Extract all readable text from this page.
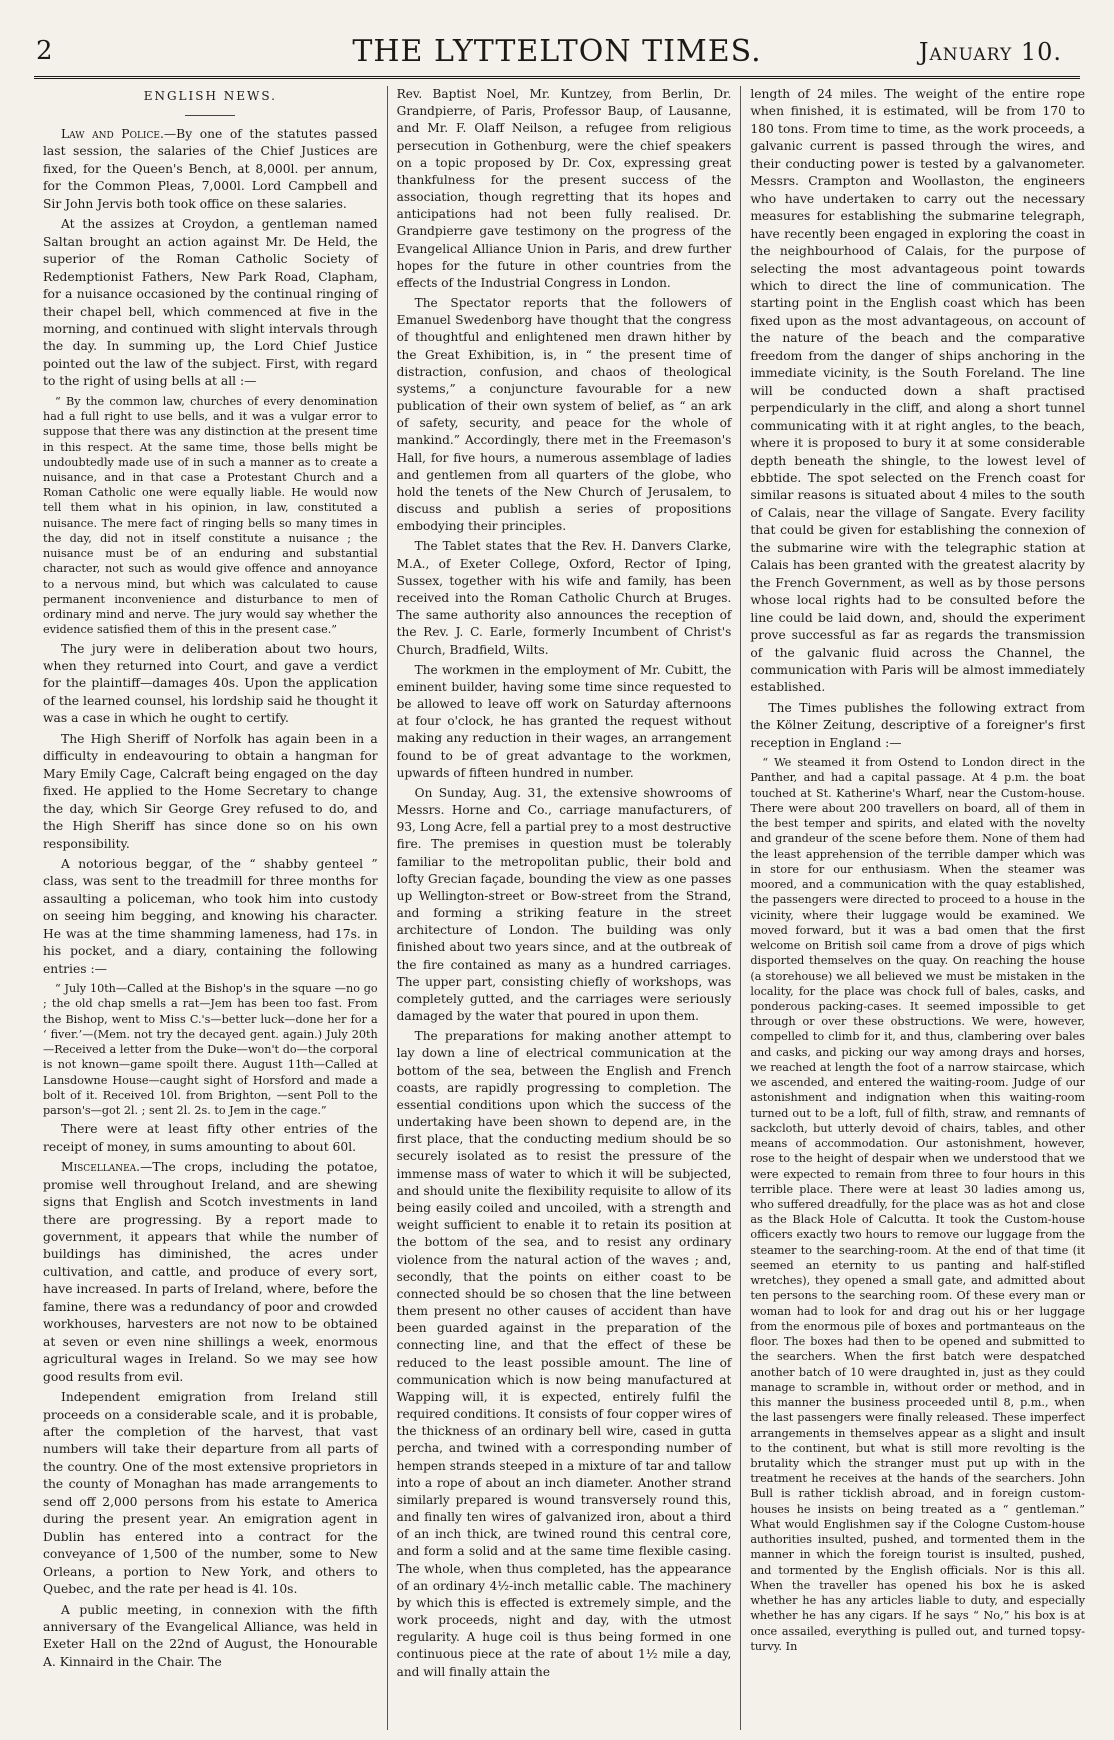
2	THE LYTTELTON TIMES.	January 10.
ENGLISH NEWS.

Law and Police.—By one of the statutes passed last session, the salaries of the Chief Justices are fixed, for the Queen's Bench, at 8,000l. per annum, for the Common Pleas, 7,000l. Lord Campbell and Sir John Jervis both took office on these salaries.

At the assizes at Croydon, a gentleman named Saltan brought an action against Mr. De Held, the superior of the Roman Catholic Society of Redemptionist Fathers, New Park Road, Clapham, for a nuisance occasioned by the continual ringing of their chapel bell, which commenced at five in the morning, and continued with slight intervals through the day. In summing up, the Lord Chief Justice pointed out the law of the subject. First, with regard to the right of using bells at all :—

“ By the common law, churches of every denomination had a full right to use bells, and it was a vulgar error to suppose that there was any distinction at the present time in this respect. At the same time, those bells might be undoubtedly made use of in such a manner as to create a nuisance, and in that case a Protestant Church and a Roman Catholic one were equally liable. He would now tell them what in his opinion, in law, constituted a nuisance. The mere fact of ringing bells so many times in the day, did not in itself constitute a nuisance ; the nuisance must be of an enduring and substantial character, not such as would give offence and annoyance to a nervous mind, but which was calculated to cause permanent inconvenience and disturbance to men of ordinary mind and nerve. The jury would say whether the evidence satisfied them of this in the present case.”

The jury were in deliberation about two hours, when they returned into Court, and gave a verdict for the plaintiff—damages 40s. Upon the application of the learned counsel, his lordship said he thought it was a case in which he ought to certify.

The High Sheriff of Norfolk has again been in a difficulty in endeavouring to obtain a hangman for Mary Emily Cage, Calcraft being engaged on the day fixed. He applied to the Home Secretary to change the day, which Sir George Grey refused to do, and the High Sheriff has since done so on his own responsibility.

A notorious beggar, of the “ shabby genteel ” class, was sent to the treadmill for three months for assaulting a policeman, who took him into custody on seeing him begging, and knowing his character. He was at the time shamming lameness, had 17s. in his pocket, and a diary, containing the following entries :—

“ July 10th—Called at the Bishop's in the square —no go ; the old chap smells a rat—Jem has been too fast. From the Bishop, went to Miss C.'s—better luck—done her for a ‘ fiver.’—(Mem. not try the decayed gent. again.) July 20th—Received a letter from the Duke—won't do—the corporal is not known—game spoilt there. August 11th—Called at Lansdowne House—caught sight of Horsford and made a bolt of it. Received 10l. from Brighton, —sent Poll to the parson's—got 2l. ; sent 2l. 2s. to Jem in the cage.”

There were at least fifty other entries of the receipt of money, in sums amounting to about 60l.

Miscellanea.—The crops, including the potatoe, promise well throughout Ireland, and are shewing signs that English and Scotch investments in land there are progressing. By a report made to government, it appears that while the number of buildings has diminished, the acres under cultivation, and cattle, and produce of every sort, have increased. In parts of Ireland, where, before the famine, there was a redundancy of poor and crowded workhouses, harvesters are not now to be obtained at seven or even nine shillings a week, enormous agricultural wages in Ireland. So we may see how good results from evil.

Independent emigration from Ireland still proceeds on a considerable scale, and it is probable, after the completion of the harvest, that vast numbers will take their departure from all parts of the country. One of the most extensive proprietors in the county of Monaghan has made arrangements to send off 2,000 persons from his estate to America during the present year. An emigration agent in Dublin has entered into a contract for the conveyance of 1,500 of the number, some to New Orleans, a portion to New York, and others to Quebec, and the rate per head is 4l. 10s.

A public meeting, in connexion with the fifth anniversary of the Evangelical Alliance, was held in Exeter Hall on the 22nd of August, the Honourable A. Kinnaird in the Chair. The

Rev. Baptist Noel, Mr. Kuntzey, from Berlin, Dr. Grandpierre, of Paris, Professor Baup, of Lausanne, and Mr. F. Olaff Neilson, a refugee from religious persecution in Gothenburg, were the chief speakers on a topic proposed by Dr. Cox, expressing great thankfulness for the present success of the association, though regretting that its hopes and anticipations had not been fully realised. Dr. Grandpierre gave testimony on the progress of the Evangelical Alliance Union in Paris, and drew further hopes for the future in other countries from the effects of the Industrial Congress in London.

The Spectator reports that the followers of Emanuel Swedenborg have thought that the congress of thoughtful and enlightened men drawn hither by the Great Exhibition, is, in “ the present time of distraction, confusion, and chaos of theological systems,” a conjuncture favourable for a new publication of their own system of belief, as “ an ark of safety, security, and peace for the whole of mankind.” Accordingly, there met in the Freemason's Hall, for five hours, a numerous assemblage of ladies and gentlemen from all quarters of the globe, who hold the tenets of the New Church of Jerusalem, to discuss and publish a series of propositions embodying their principles.

The Tablet states that the Rev. H. Danvers Clarke, M.A., of Exeter College, Oxford, Rector of Iping, Sussex, together with his wife and family, has been received into the Roman Catholic Church at Bruges. The same authority also announces the reception of the Rev. J. C. Earle, formerly Incumbent of Christ's Church, Bradfield, Wilts.

The workmen in the employment of Mr. Cubitt, the eminent builder, having some time since requested to be allowed to leave off work on Saturday afternoons at four o'clock, he has granted the request without making any reduction in their wages, an arrangement found to be of great advantage to the workmen, upwards of fifteen hundred in number.

On Sunday, Aug. 31, the extensive showrooms of Messrs. Horne and Co., carriage manufacturers, of 93, Long Acre, fell a partial prey to a most destructive fire. The premises in question must be tolerably familiar to the metropolitan public, their bold and lofty Grecian façade, bounding the view as one passes up Wellington-street or Bow-street from the Strand, and forming a striking feature in the street architecture of London. The building was only finished about two years since, and at the outbreak of the fire contained as many as a hundred carriages. The upper part, consisting chiefly of workshops, was completely gutted, and the carriages were seriously damaged by the water that poured in upon them.

The preparations for making another attempt to lay down a line of electrical communication at the bottom of the sea, between the English and French coasts, are rapidly progressing to completion. The essential conditions upon which the success of the undertaking have been shown to depend are, in the first place, that the conducting medium should be so securely isolated as to resist the pressure of the immense mass of water to which it will be subjected, and should unite the flexibility requisite to allow of its being easily coiled and uncoiled, with a strength and weight sufficient to enable it to retain its position at the bottom of the sea, and to resist any ordinary violence from the natural action of the waves ; and, secondly, that the points on either coast to be connected should be so chosen that the line between them present no other causes of accident than have been guarded against in the preparation of the connecting line, and that the effect of these be reduced to the least possible amount. The line of communication which is now being manufactured at Wapping will, it is expected, entirely fulfil the required conditions. It consists of four copper wires of the thickness of an ordinary bell wire, cased in gutta percha, and twined with a corresponding number of hempen strands steeped in a mixture of tar and tallow into a rope of about an inch diameter. Another strand similarly prepared is wound transversely round this, and finally ten wires of galvanized iron, about a third of an inch thick, are twined round this central core, and form a solid and at the same time flexible casing. The whole, when thus completed, has the appearance of an ordinary 4½-inch metallic cable. The machinery by which this is effected is extremely simple, and the work proceeds, night and day, with the utmost regularity. A huge coil is thus being formed in one continuous piece at the rate of about 1½ mile a day, and will finally attain the

length of 24 miles. The weight of the entire rope when finished, it is estimated, will be from 170 to 180 tons. From time to time, as the work proceeds, a galvanic current is passed through the wires, and their conducting power is tested by a galvanometer. Messrs. Crampton and Woollaston, the engineers who have undertaken to carry out the necessary measures for establishing the submarine telegraph, have recently been engaged in exploring the coast in the neighbourhood of Calais, for the purpose of selecting the most advantageous point towards which to direct the line of communication. The starting point in the English coast which has been fixed upon as the most advantageous, on account of the nature of the beach and the comparative freedom from the danger of ships anchoring in the immediate vicinity, is the South Foreland. The line will be conducted down a shaft practised perpendicularly in the cliff, and along a short tunnel communicating with it at right angles, to the beach, where it is proposed to bury it at some considerable depth beneath the shingle, to the lowest level of ebbtide. The spot selected on the French coast for similar reasons is situated about 4 miles to the south of Calais, near the village of Sangate. Every facility that could be given for establishing the connexion of the submarine wire with the telegraphic station at Calais has been granted with the greatest alacrity by the French Government, as well as by those persons whose local rights had to be consulted before the line could be laid down, and, should the experiment prove successful as far as regards the transmission of the galvanic fluid across the Channel, the communication with Paris will be almost immediately established.

The Times publishes the following extract from the Kölner Zeitung, descriptive of a foreigner's first reception in England :—

“ We steamed it from Ostend to London direct in the Panther, and had a capital passage. At 4 p.m. the boat touched at St. Katherine's Wharf, near the Custom-house. There were about 200 travellers on board, all of them in the best temper and spirits, and elated with the novelty and grandeur of the scene before them. None of them had the least apprehension of the terrible damper which was in store for our enthusiasm. When the steamer was moored, and a communication with the quay established, the passengers were directed to proceed to a house in the vicinity, where their luggage would be examined. We moved forward, but it was a bad omen that the first welcome on British soil came from a drove of pigs which disported themselves on the quay. On reaching the house (a storehouse) we all believed we must be mistaken in the locality, for the place was chock full of bales, casks, and ponderous packing-cases. It seemed impossible to get through or over these obstructions. We were, however, compelled to climb for it, and thus, clambering over bales and casks, and picking our way among drays and horses, we reached at length the foot of a narrow staircase, which we ascended, and entered the waiting-room. Judge of our astonishment and indignation when this waiting-room turned out to be a loft, full of filth, straw, and remnants of sackcloth, but utterly devoid of chairs, tables, and other means of accommodation. Our astonishment, however, rose to the height of despair when we understood that we were expected to remain from three to four hours in this terrible place. There were at least 30 ladies among us, who suffered dreadfully, for the place was as hot and close as the Black Hole of Calcutta. It took the Custom-house officers exactly two hours to remove our luggage from the steamer to the searching-room. At the end of that time (it seemed an eternity to us panting and half-stifled wretches), they opened a small gate, and admitted about ten persons to the searching room. Of these every man or woman had to look for and drag out his or her luggage from the enormous pile of boxes and portmanteaus on the floor. The boxes had then to be opened and submitted to the searchers. When the first batch were despatched another batch of 10 were draughted in, just as they could manage to scramble in, without order or method, and in this manner the business proceeded until 8, p.m., when the last passengers were finally released. These imperfect arrangements in themselves appear as a slight and insult to the continent, but what is still more revolting is the brutality which the stranger must put up with in the treatment he receives at the hands of the searchers. John Bull is rather ticklish abroad, and in foreign custom-houses he insists on being treated as a “ gentleman.” What would Englishmen say if the Cologne Custom-house authorities insulted, pushed, and tormented them in the manner in which the foreign tourist is insulted, pushed, and tormented by the English officials. Nor is this all. When the traveller has opened his box he is asked whether he has any articles liable to duty, and especially whether he has any cigars. If he says “ No,” his box is at once assailed, everything is pulled out, and turned topsy-turvy. In
